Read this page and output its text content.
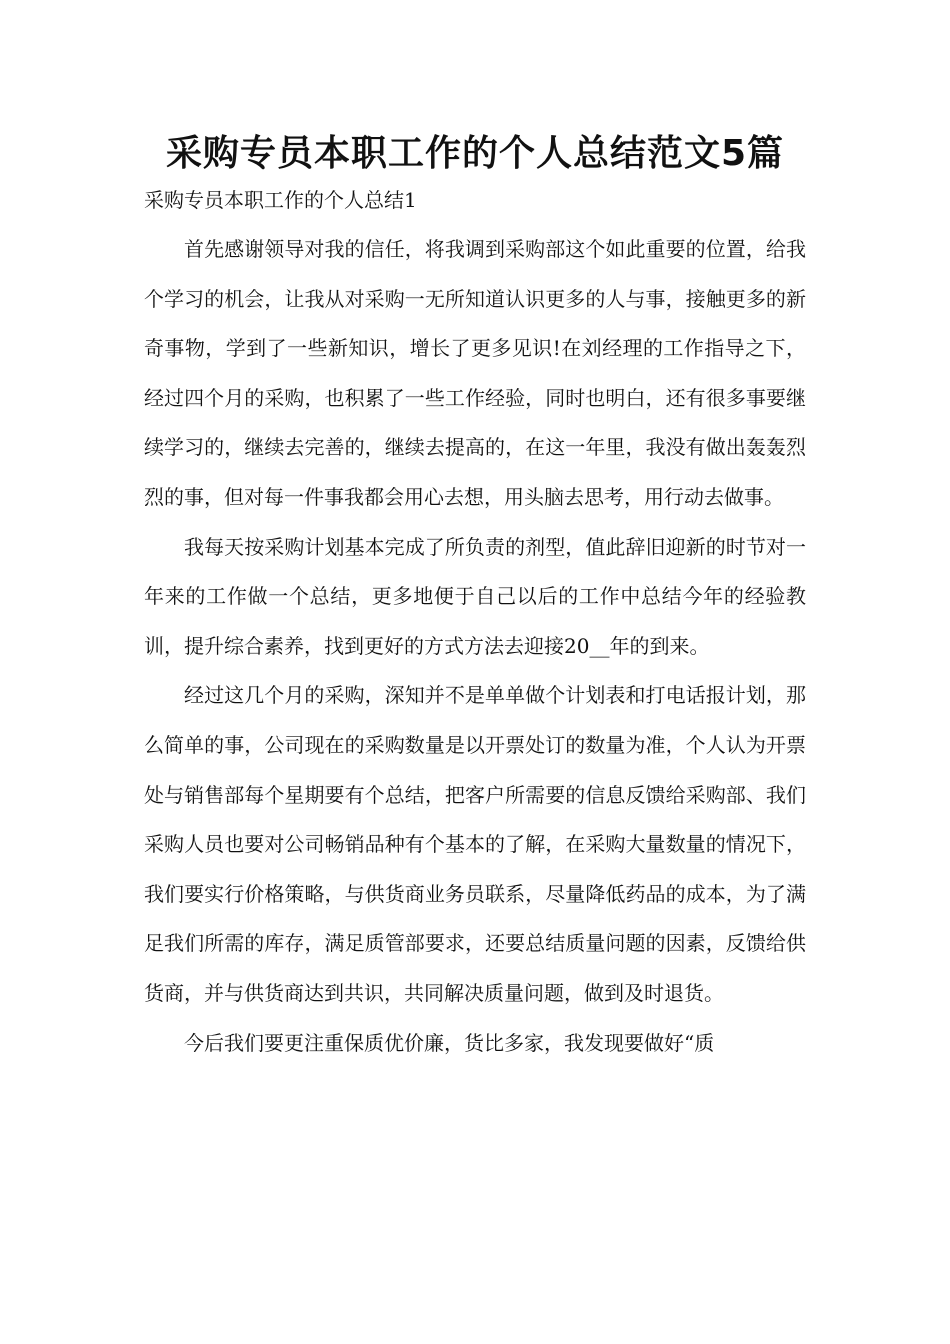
采购专员本职工作的个人总结范文5篇
采购专员本职工作的个人总结1

首先感谢领导对我的信任，将我调到采购部这个如此重要的位置，给我个学习的机会，让我从对采购一无所知道认识更多的人与事，接触更多的新奇事物，学到了一些新知识，增长了更多见识!在刘经理的工作指导之下，经过四个月的采购，也积累了一些工作经验，同时也明白，还有很多事要继续学习的，继续去完善的，继续去提高的，在这一年里，我没有做出轰轰烈烈的事，但对每一件事我都会用心去想，用头脑去思考，用行动去做事。

我每天按采购计划基本完成了所负责的剂型，值此辞旧迎新的时节对一年来的工作做一个总结，更多地便于自己以后的工作中总结今年的经验教训，提升综合素养，找到更好的方式方法去迎接20__年的到来。

经过这几个月的采购，深知并不是单单做个计划表和打电话报计划，那么简单的事，公司现在的采购数量是以开票处订的数量为准，个人认为开票处与销售部每个星期要有个总结，把客户所需要的信息反馈给采购部、我们采购人员也要对公司畅销品种有个基本的了解，在采购大量数量的情况下，我们要实行价格策略，与供货商业务员联系，尽量降低药品的成本，为了满足我们所需的库存，满足质管部要求，还要总结质量问题的因素，反馈给供货商，并与供货商达到共识，共同解决质量问题，做到及时退货。

今后我们要更注重保质优价廉，货比多家，我发现要做好“质
